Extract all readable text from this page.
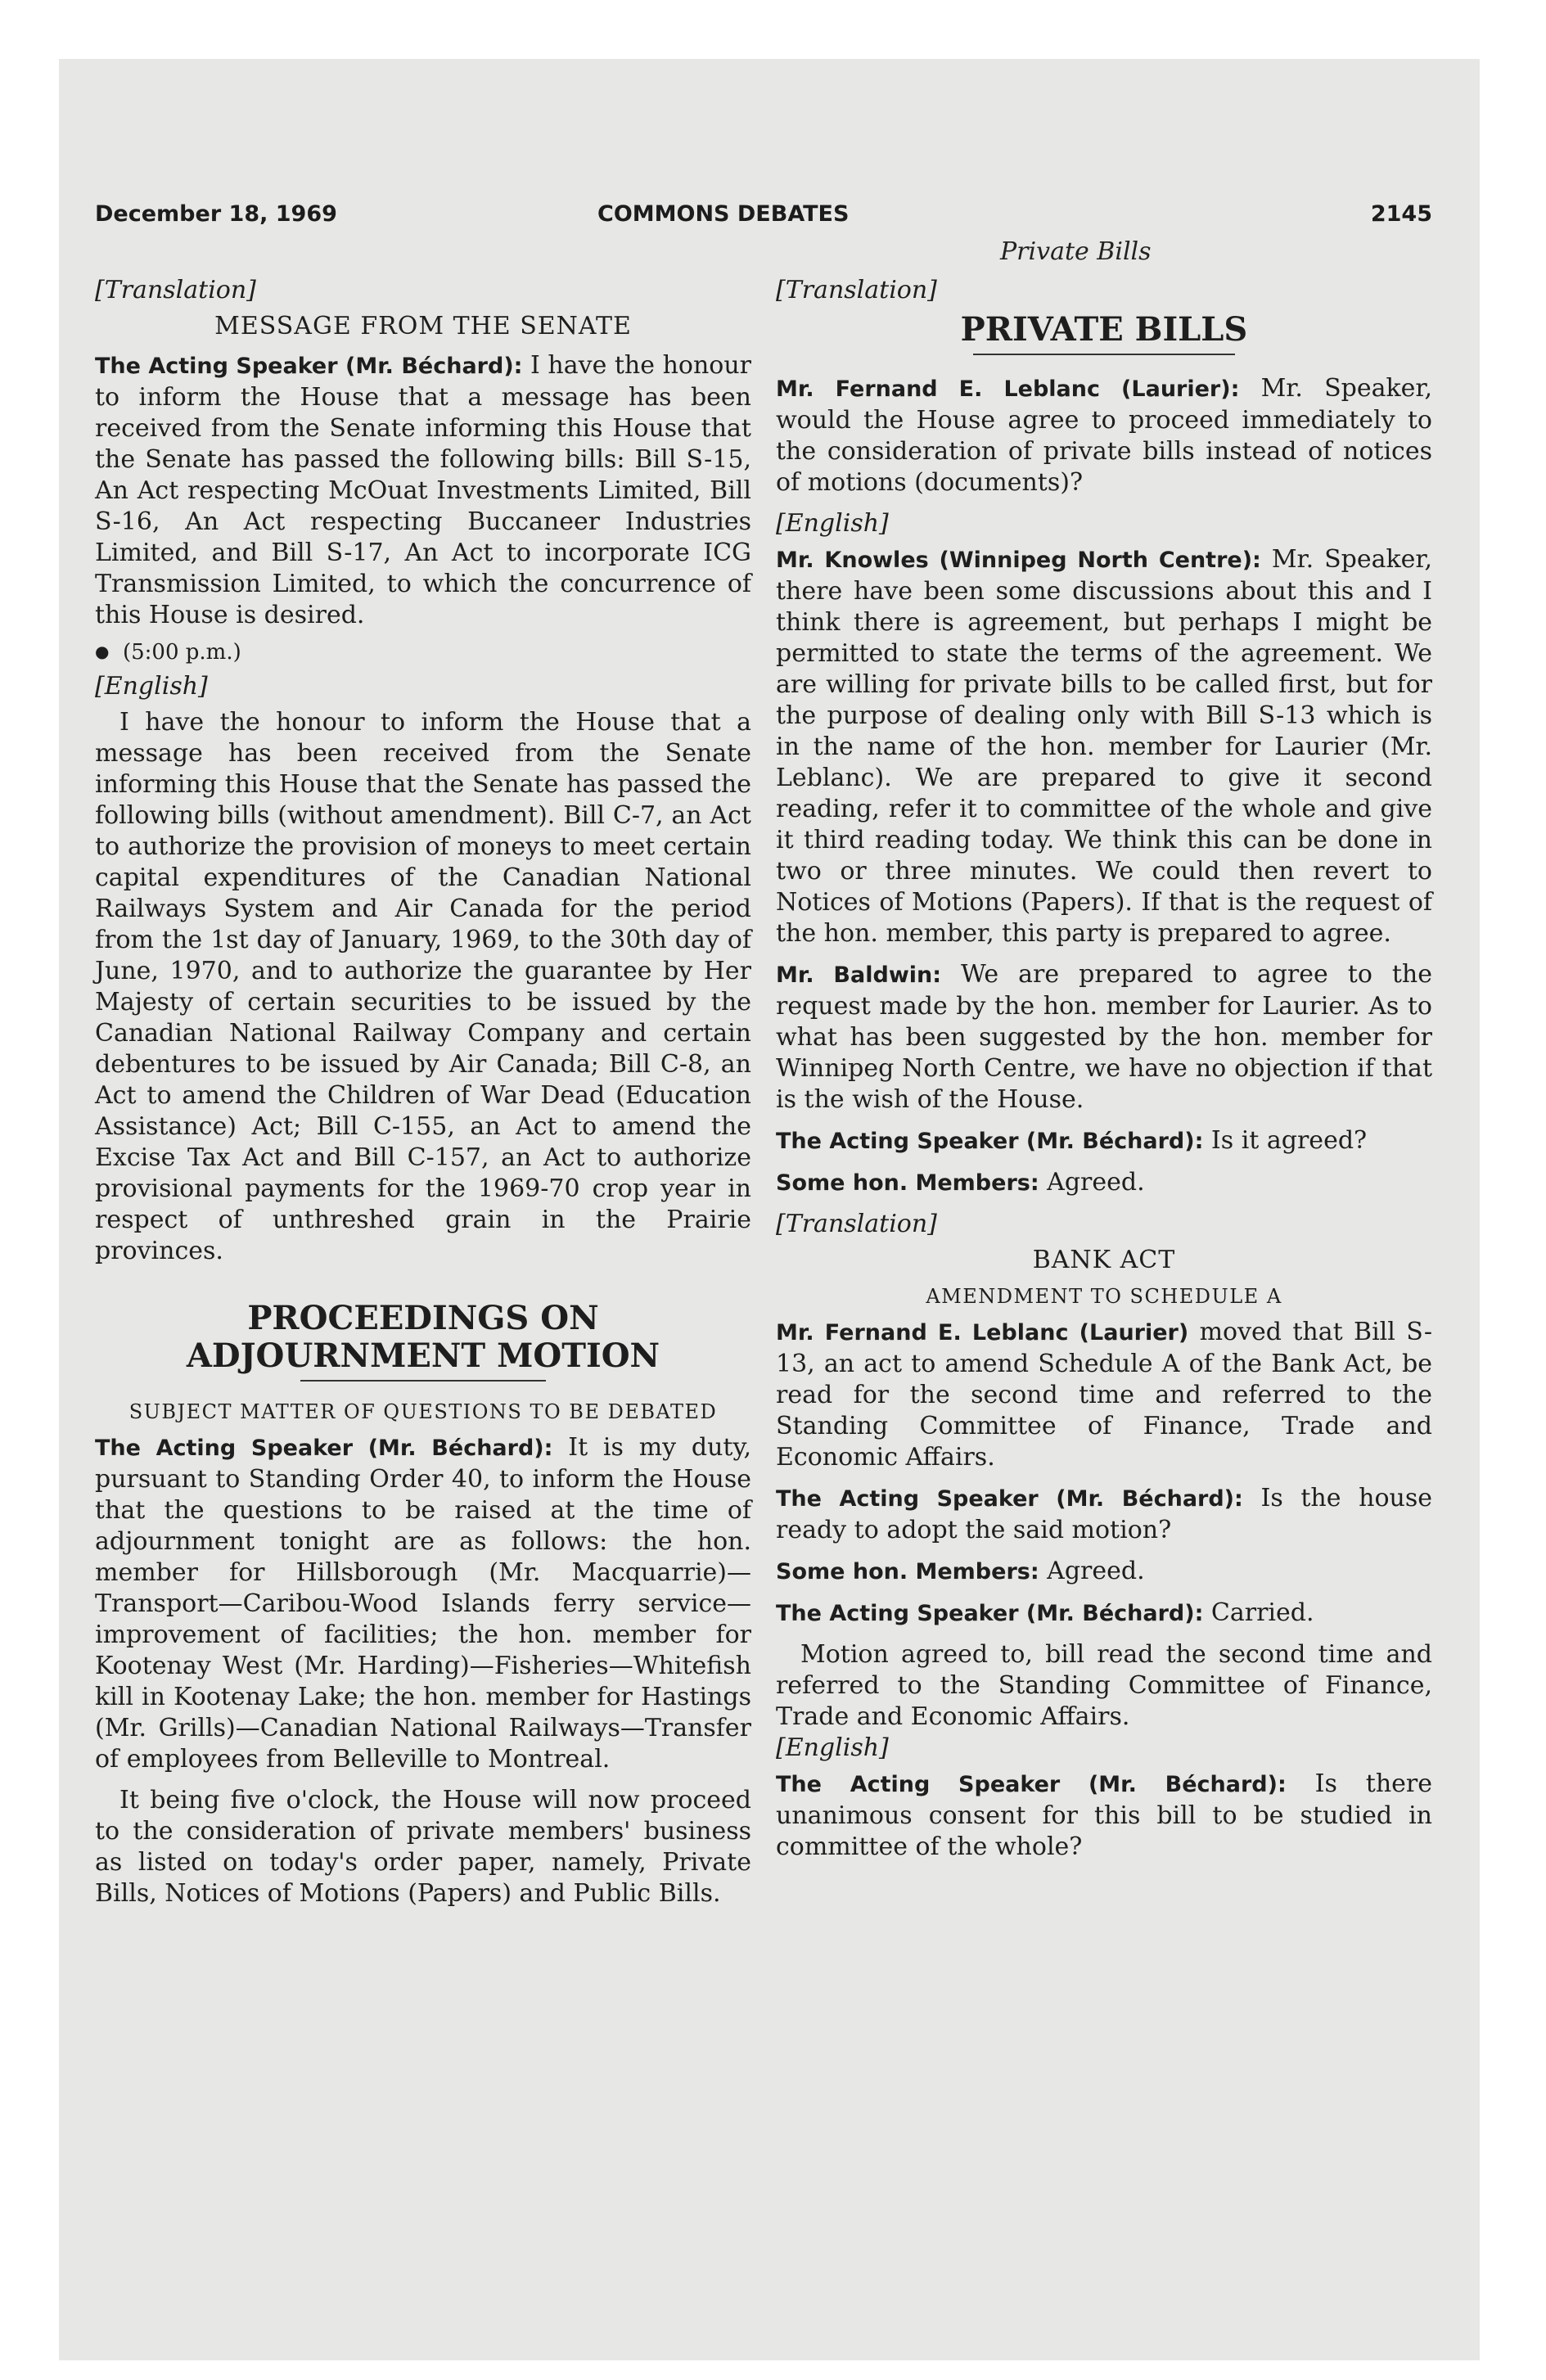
December 18, 1969	COMMONS DEBATES	2145
Private Bills
[Translation]
MESSAGE FROM THE SENATE

The Acting Speaker (Mr. Béchard): I have the honour to inform the House that a message has been received from the Senate informing this House that the Senate has passed the following bills: Bill S-15, An Act respecting McOuat Investments Limited, Bill S-16, An Act respecting Buccaneer Industries Limited, and Bill S-17, An Act to incorporate ICG Transmission Limited, to which the concurrence of this House is desired.

● (5:00 p.m.)
[English]

I have the honour to inform the House that a message has been received from the Senate informing this House that the Senate has passed the following bills (without amendment). Bill C-7, an Act to authorize the provision of moneys to meet certain capital expenditures of the Canadian National Railways System and Air Canada for the period from the 1st day of January, 1969, to the 30th day of June, 1970, and to authorize the guarantee by Her Majesty of certain securities to be issued by the Canadian National Railway Company and certain debentures to be issued by Air Canada; Bill C-8, an Act to amend the Children of War Dead (Education Assistance) Act; Bill C-155, an Act to amend the Excise Tax Act and Bill C-157, an Act to authorize provisional payments for the 1969-70 crop year in respect of unthreshed grain in the Prairie provinces.

PROCEEDINGS ON ADJOURNMENT MOTION
SUBJECT MATTER OF QUESTIONS TO BE DEBATED

The Acting Speaker (Mr. Béchard): It is my duty, pursuant to Standing Order 40, to inform the House that the questions to be raised at the time of adjournment tonight are as follows: the hon. member for Hillsborough (Mr. Macquarrie)—Transport—Caribou-Wood Islands ferry service—improvement of facilities; the hon. member for Kootenay West (Mr. Harding)—Fisheries—Whitefish kill in Kootenay Lake; the hon. member for Hastings (Mr. Grills)—Canadian National Railways—Transfer of employees from Belleville to Montreal.

It being five o'clock, the House will now proceed to the consideration of private members' business as listed on today's order paper, namely, Private Bills, Notices of Motions (Papers) and Public Bills.

[Translation]
PRIVATE BILLS

Mr. Fernand E. Leblanc (Laurier): Mr. Speaker, would the House agree to proceed immediately to the consideration of private bills instead of notices of motions (documents)?

[English]

Mr. Knowles (Winnipeg North Centre): Mr. Speaker, there have been some discussions about this and I think there is agreement, but perhaps I might be permitted to state the terms of the agreement. We are willing for private bills to be called first, but for the purpose of dealing only with Bill S-13 which is in the name of the hon. member for Laurier (Mr. Leblanc). We are prepared to give it second reading, refer it to committee of the whole and give it third reading today. We think this can be done in two or three minutes. We could then revert to Notices of Motions (Papers). If that is the request of the hon. member, this party is prepared to agree.

Mr. Baldwin: We are prepared to agree to the request made by the hon. member for Laurier. As to what has been suggested by the hon. member for Winnipeg North Centre, we have no objection if that is the wish of the House.

The Acting Speaker (Mr. Béchard): Is it agreed?

Some hon. Members: Agreed.

[Translation]
BANK ACT
AMENDMENT TO SCHEDULE A

Mr. Fernand E. Leblanc (Laurier) moved that Bill S-13, an act to amend Schedule A of the Bank Act, be read for the second time and referred to the Standing Committee of Finance, Trade and Economic Affairs.

The Acting Speaker (Mr. Béchard): Is the house ready to adopt the said motion?

Some hon. Members: Agreed.

The Acting Speaker (Mr. Béchard): Carried.

Motion agreed to, bill read the second time and referred to the Standing Committee of Finance, Trade and Economic Affairs.

[English]

The Acting Speaker (Mr. Béchard): Is there unanimous consent for this bill to be studied in committee of the whole?
